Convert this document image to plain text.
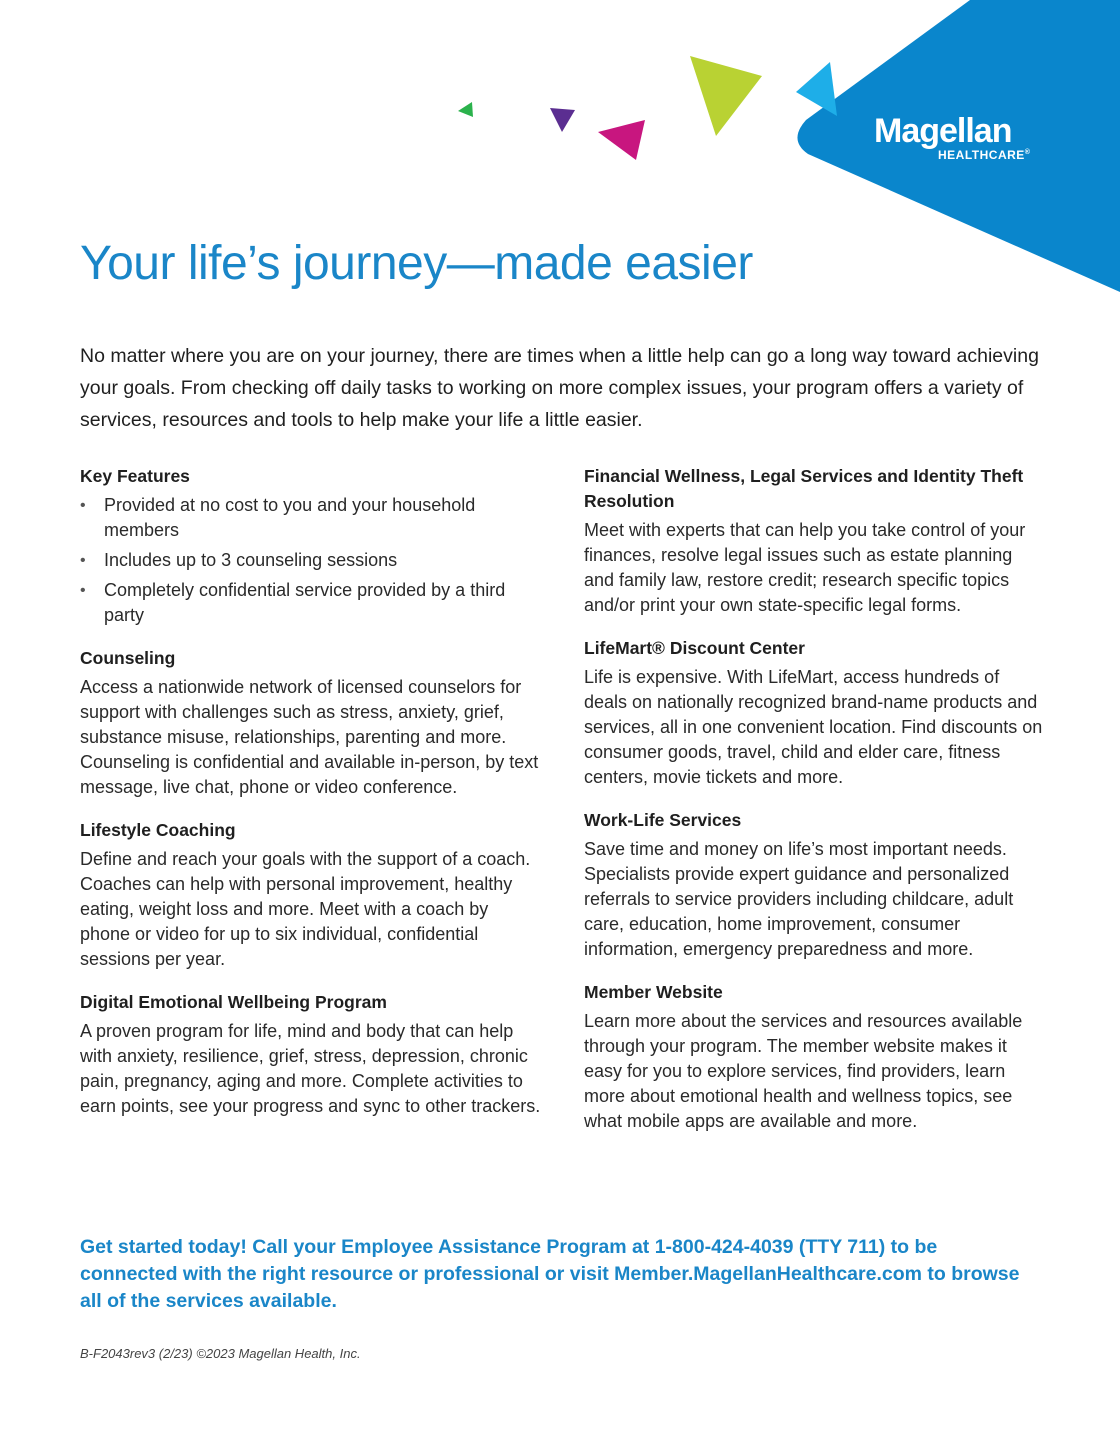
Magellan
HEALTHCARE®
Your life’s journey—made easier

No matter where you are on your journey, there are times when a little help can go a long way toward achieving your goals. From checking off daily tasks to working on more complex issues, your program offers a variety of services, resources and tools to help make your life a little easier.

Key Features
• Provided at no cost to you and your household members
• Includes up to 3 counseling sessions
• Completely confidential service provided by a third party
Counseling

Access a nationwide network of licensed counselors for support with challenges such as stress, anxiety, grief, substance misuse, relationships, parenting and more. Counseling is confidential and available in-person, by text message, live chat, phone or video conference.

Lifestyle Coaching

Define and reach your goals with the support of a coach. Coaches can help with personal improvement, healthy eating, weight loss and more. Meet with a coach by phone or video for up to six individual, confidential sessions per year.

Digital Emotional Wellbeing Program

A proven program for life, mind and body that can help with anxiety, resilience, grief, stress, depression, chronic pain, pregnancy, aging and more. Complete activities to earn points, see your progress and sync to other trackers.

Financial Wellness, Legal Services and Identity Theft Resolution

Meet with experts that can help you take control of your finances, resolve legal issues such as estate planning and family law, restore credit; research specific topics and/or print your own state-specific legal forms.

LifeMart® Discount Center

Life is expensive. With LifeMart, access hundreds of deals on nationally recognized brand-name products and services, all in one convenient location. Find discounts on consumer goods, travel, child and elder care, fitness centers, movie tickets and more.

Work-Life Services

Save time and money on life’s most important needs. Specialists provide expert guidance and personalized referrals to service providers including childcare, adult care, education, home improvement, consumer information, emergency preparedness and more.

Member Website

Learn more about the services and resources available through your program. The member website makes it easy for you to explore services, find providers, learn more about emotional health and wellness topics, see what mobile apps are available and more.

Get started today! Call your Employee Assistance Program at 1-800-424-4039 (TTY 711) to be connected with the right resource or professional or visit Member.MagellanHealthcare.com to browse all of the services available.

B-F2043rev3 (2/23) ©2023 Magellan Health, Inc.
